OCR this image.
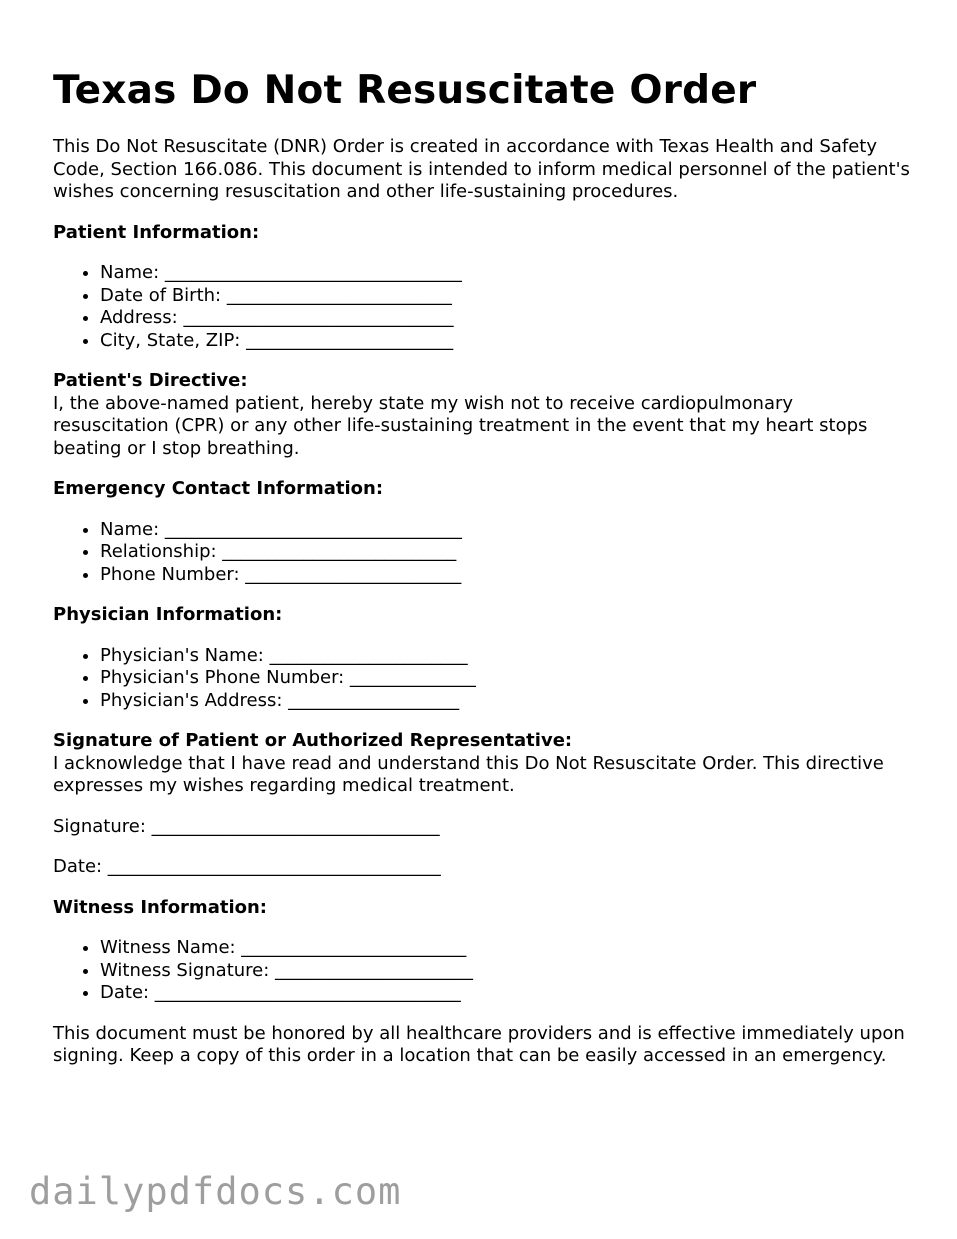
Texas Do Not Resuscitate Order

This Do Not Resuscitate (DNR) Order is created in accordance with Texas Health and Safety Code, Section 166.086. This document is intended to inform medical personnel of the patient's wishes concerning resuscitation and other life-sustaining procedures.

Patient Information:

• Name: _________________________________
• Date of Birth: _________________________
• Address: ______________________________
• City, State, ZIP: _______________________

Patient's Directive:
I, the above-named patient, hereby state my wish not to receive cardiopulmonary resuscitation (CPR) or any other life-sustaining treatment in the event that my heart stops beating or I stop breathing.

Emergency Contact Information:

• Name: _________________________________
• Relationship: __________________________
• Phone Number: ________________________

Physician Information:

• Physician's Name: ______________________
• Physician's Phone Number: ______________
• Physician's Address: ___________________

Signature of Patient or Authorized Representative:
I acknowledge that I have read and understand this Do Not Resuscitate Order. This directive expresses my wishes regarding medical treatment.

Signature: ________________________________

Date: _____________________________________

Witness Information:

• Witness Name: _________________________
• Witness Signature: ______________________
• Date: __________________________________

This document must be honored by all healthcare providers and is effective immediately upon signing. Keep a copy of this order in a location that can be easily accessed in an emergency.

dailypdfdocs.com
